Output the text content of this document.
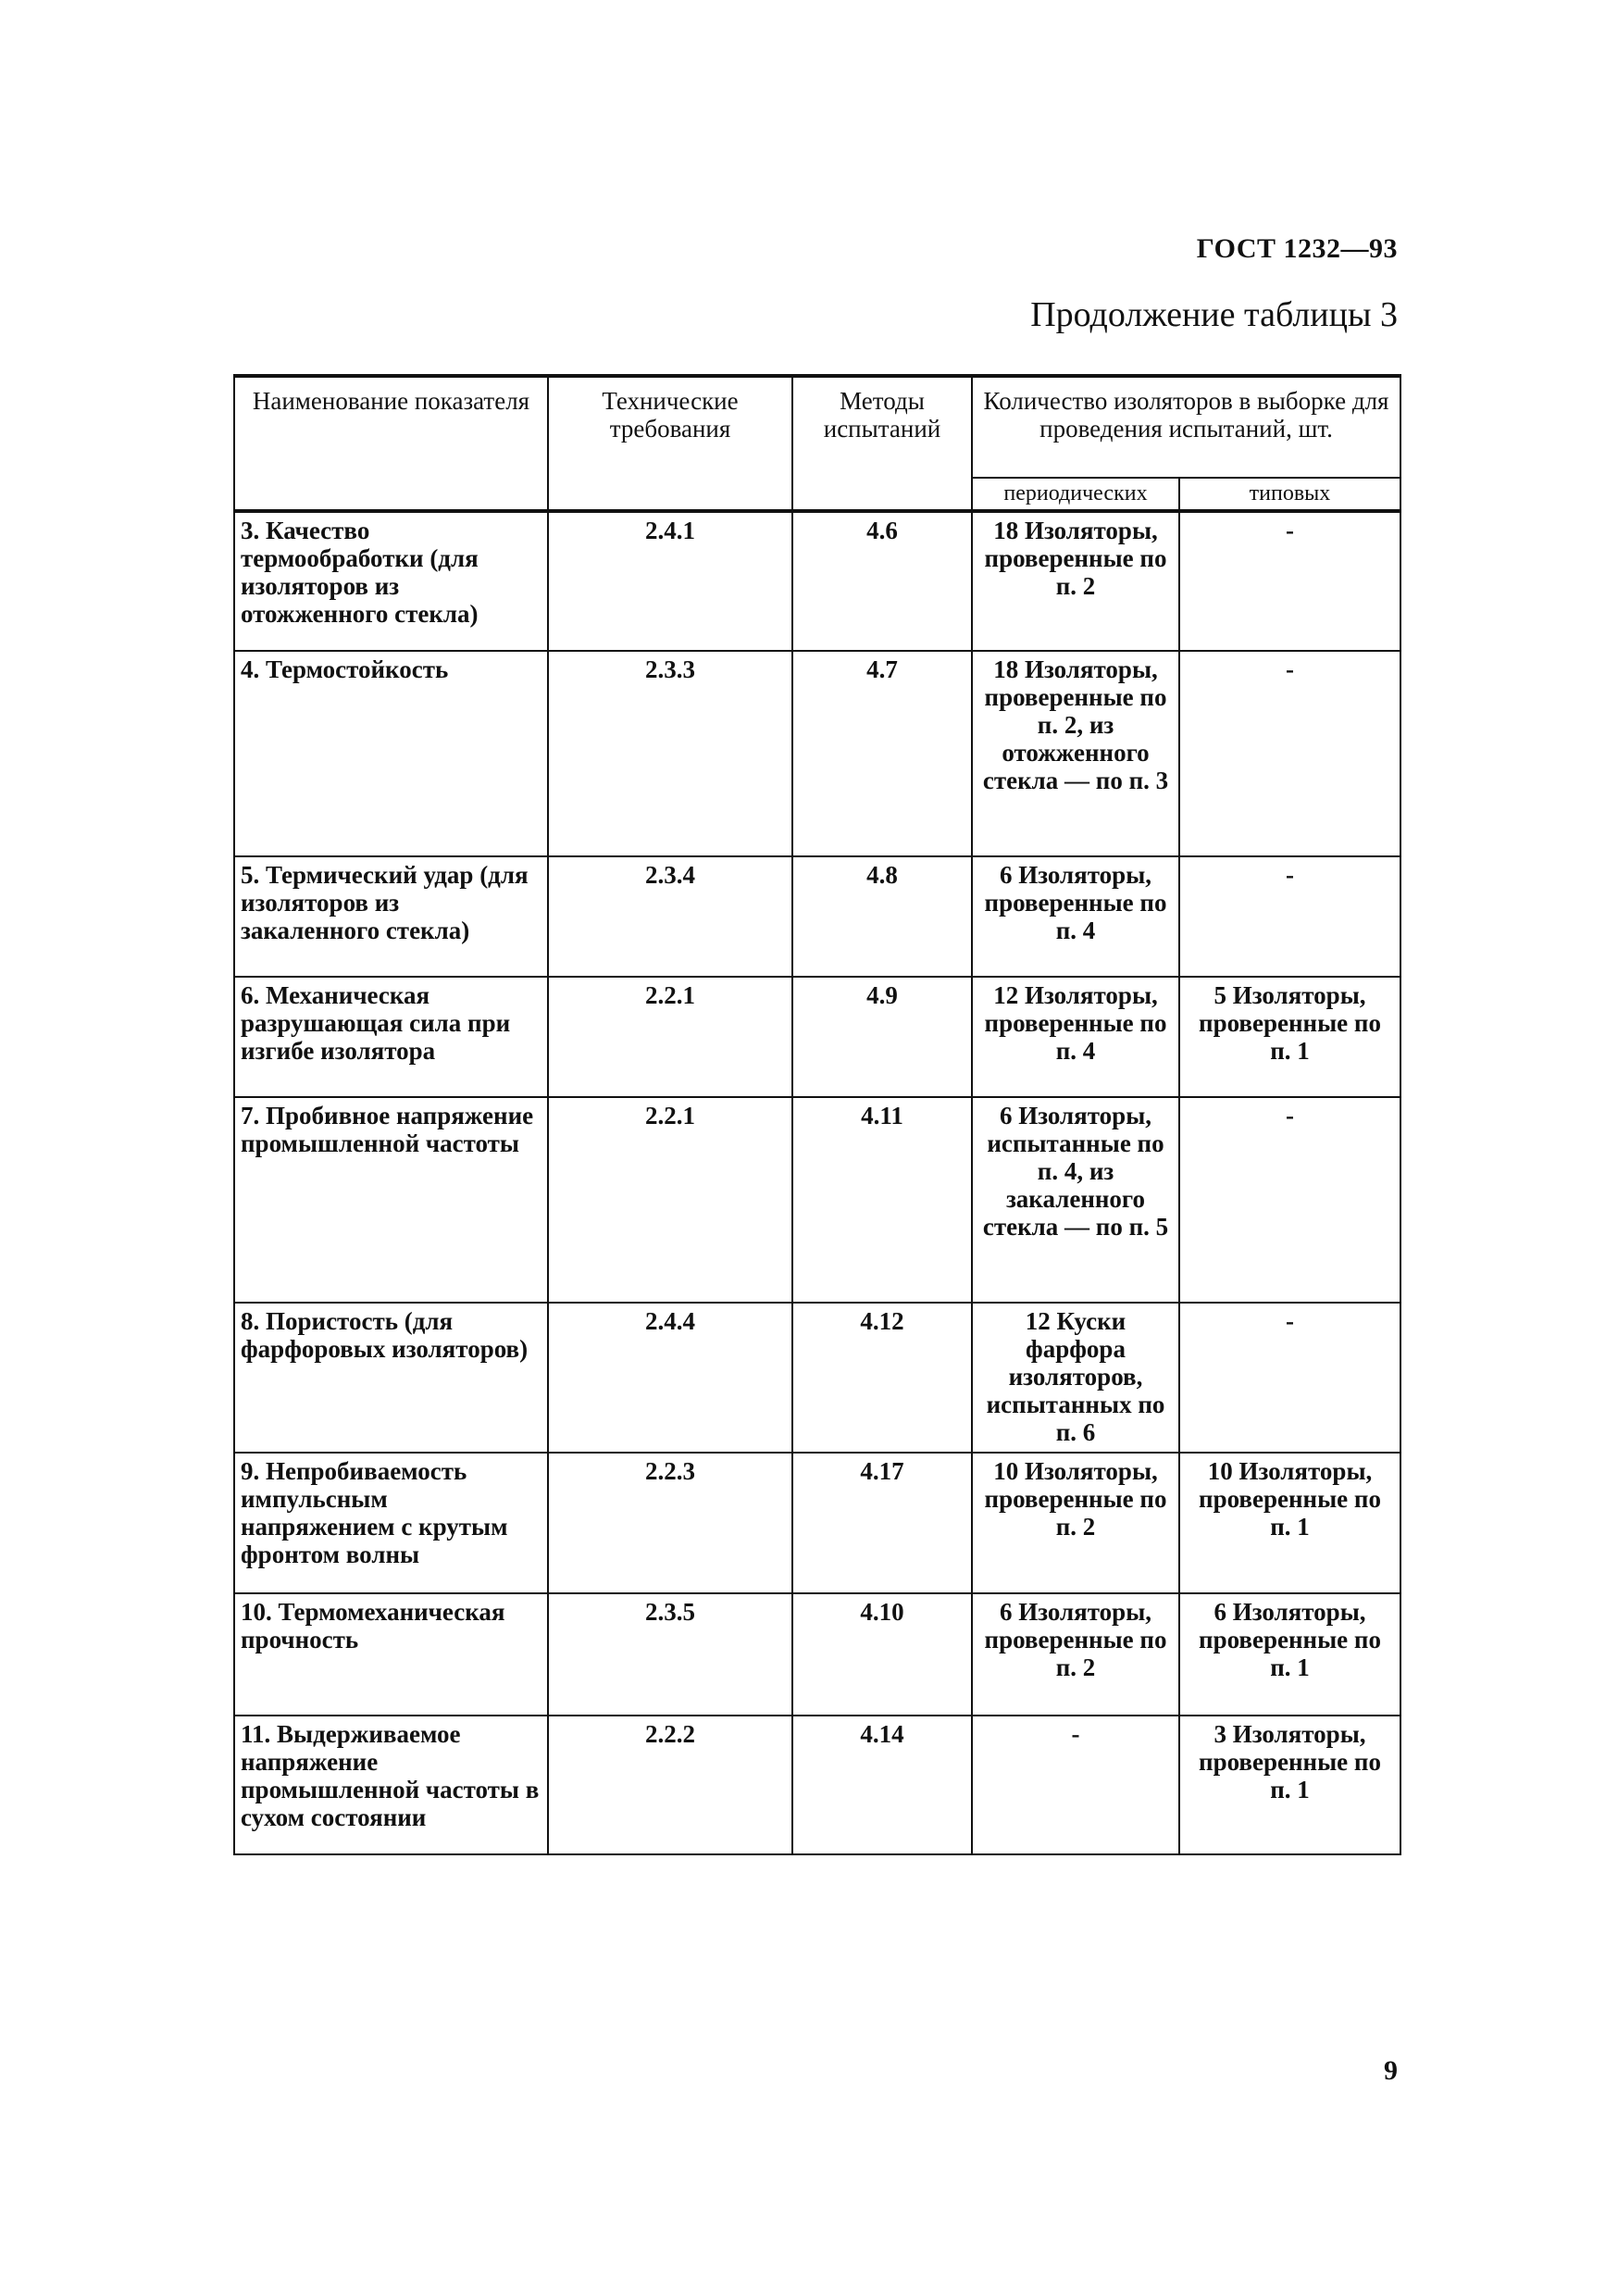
ГОСТ 1232—93
Продолжение таблицы 3
Наименование показателя	Технические требования	Методы испытаний	Количество изоляторов в выборке для проведения испытаний, шт.	
			периодических	типовых
3. Качество термообработки (для изоляторов из отожженного стекла)	2.4.1	4.6	18 Изоляторы, проверенные по п. 2	-
4. Термостойкость	2.3.3	4.7	18 Изоляторы, проверенные по п. 2, из отожженного стекла — по п. 3	-
5. Термический удар (для изоляторов из закаленного стекла)	2.3.4	4.8	6 Изоляторы, проверенные по п. 4	-
6. Механическая разрушающая сила при изгибе изолятора	2.2.1	4.9	12 Изоляторы, проверенные по п. 4	5 Изоляторы, проверенные по п. 1
7. Пробивное напряжение промышленной частоты	2.2.1	4.11	6 Изоляторы, испытанные по п. 4, из закаленного стекла — по п. 5	-
8. Пористость (для фарфоровых изоляторов)	2.4.4	4.12	12 Куски фарфора изоляторов, испытанных по п. 6	-
9. Непробиваемость импульсным напряжением с крутым фронтом волны	2.2.3	4.17	10 Изоляторы, проверенные по п. 2	10 Изоляторы, проверенные по п. 1
10. Термомеханическая прочность	2.3.5	4.10	6 Изоляторы, проверенные по п. 2	6 Изоляторы, проверенные по п. 1
11. Выдерживаемое напряжение промышленной частоты в сухом состоянии	2.2.2	4.14	-	3 Изоляторы, проверенные по п. 1
9
